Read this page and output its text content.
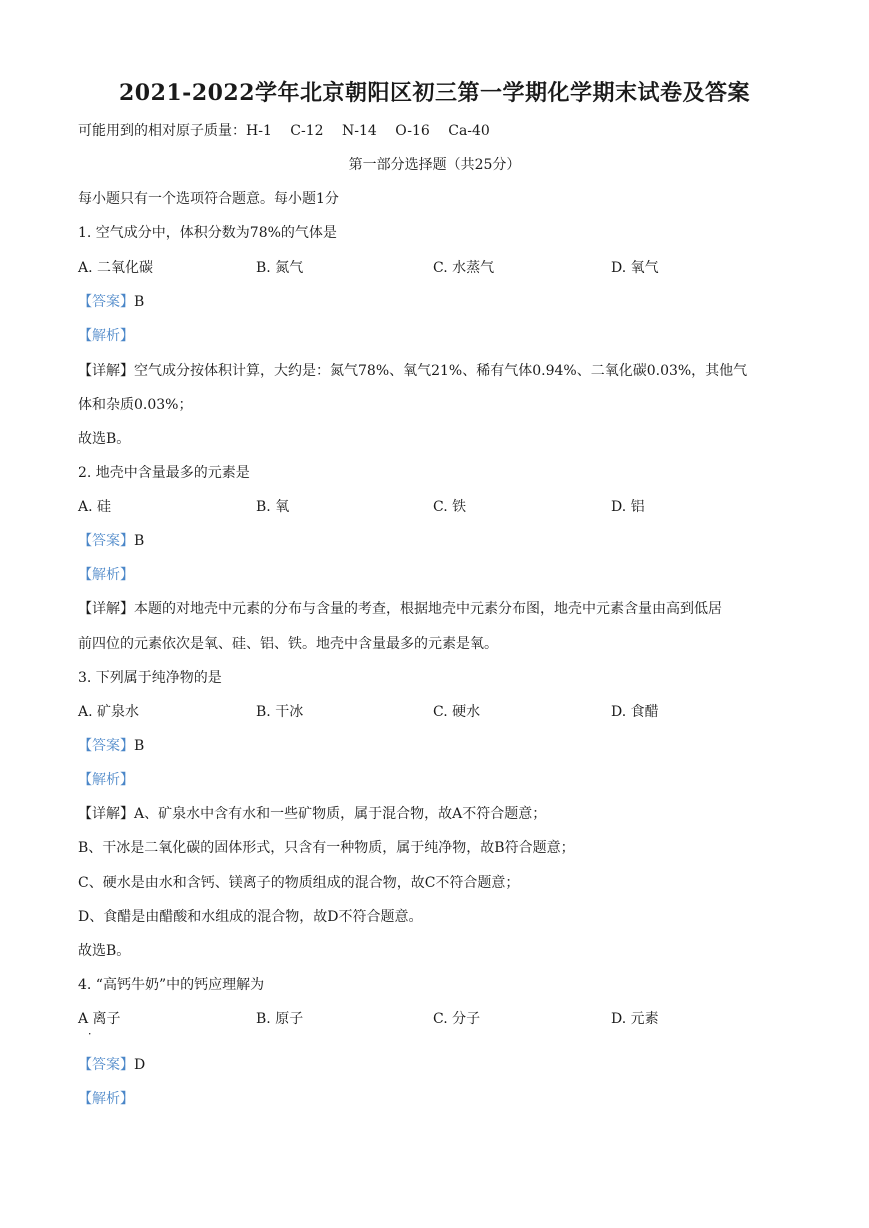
2021-2022学年北京朝阳区初三第一学期化学期末试卷及答案
可能用到的相对原子质量：H-1　 C-12　 N-14　 O-16　 Ca-40
第一部分选择题（共25分）
每小题只有一个选项符合题意。每小题1分
1. 空气成分中，体积分数为78%的气体是
A. 二氧化碳	B. 氮气	C. 水蒸气	D. 氧气
【答案】B
【解析】
【详解】空气成分按体积计算，大约是：氮气78%、氧气21%、稀有气体0.94%、二氧化碳0.03%，其他气
体和杂质0.03%；
故选B。
2. 地壳中含量最多的元素是
A. 硅	B. 氧	C. 铁	D. 铝
【答案】B
【解析】
【详解】本题的对地壳中元素的分布与含量的考查，根据地壳中元素分布图，地壳中元素含量由高到低居
前四位的元素依次是氧、硅、铝、铁。地壳中含量最多的元素是氧。
3. 下列属于纯净物的是
A. 矿泉水	B. 干冰	C. 硬水	D. 食醋
【答案】B
【解析】
【详解】A、矿泉水中含有水和一些矿物质，属于混合物，故A不符合题意；
B、干冰是二氧化碳的固体形式，只含有一种物质，属于纯净物，故B符合题意；
C、硬水是由水和含钙、镁离子的物质组成的混合物，故C不符合题意；
D、食醋是由醋酸和水组成的混合物，故D不符合题意。
故选B。
4. “高钙牛奶”中的钙应理解为
A 离子
．
B. 原子	C. 分子	D. 元素
【答案】D
【解析】
